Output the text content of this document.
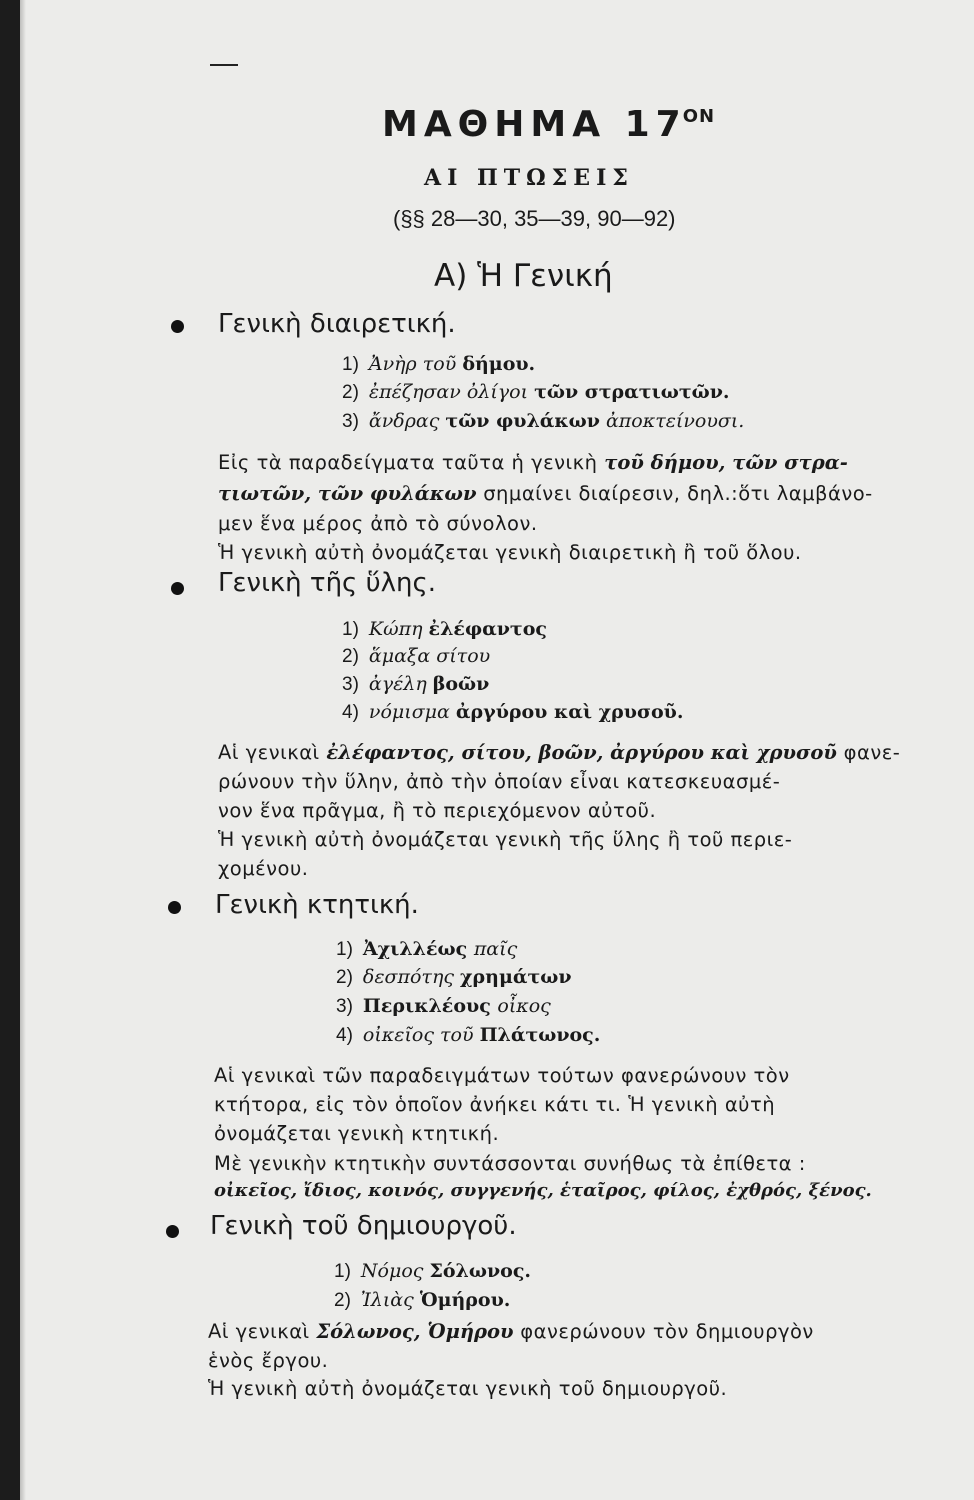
ΜΑΘΗΜΑ $17^{ON}$
ΑΙ ΠΤΩΣΕΙΣ
(§§ 28—30, 35—39, 90—92)
Α) Ἡ Γενική
Γενικὴ διαιρετική.
1) Ἀνὴρ τοῦ δήμου.
2) ἐπέζησαν ὀλίγοι τῶν στρατιωτῶν.
3) ἄνδρας τῶν φυλάκων ἀποκτείνουσι.
Εἰς τὰ παραδείγματα ταῦτα ἡ γενικὴ τοῦ δήμου, τῶν στρα-
τιωτῶν, τῶν φυλάκων σημαίνει διαίρεσιν, δηλ.:ὅτι λαμβάνο-
μεν ἕνα μέρος ἀπὸ τὸ σύνολον.
Ἡ γενικὴ αὐτὴ ὀνομάζεται γενικὴ διαιρετικὴ ἢ τοῦ ὅλου.
Γενικὴ τῆς ὕλης.
1) Κώπη ἐλέφαντος
2) ἅμαξα σίτου
3) ἀγέλη βοῶν
4) νόμισμα ἀργύρου καὶ χρυσοῦ.
Αἱ γενικαὶ ἐλέφαντος, σίτου, βοῶν, ἀργύρου καὶ χρυσοῦ φανε-
ρώνουν τὴν ὕλην, ἀπὸ τὴν ὁποίαν εἶναι κατεσκευασμέ-
νον ἕνα πρᾶγμα, ἢ τὸ περιεχόμενον αὐτοῦ.
Ἡ γενικὴ αὐτὴ ὀνομάζεται γενικὴ τῆς ὕλης ἢ τοῦ περιε-
χομένου.
Γενικὴ κτητική.
1) Ἀχιλλέως παῖς
2) δεσπότης χρημάτων
3) Περικλέους οἶκος
4) οἰκεῖος τοῦ Πλάτωνος.
Αἱ γενικαὶ τῶν παραδειγμάτων τούτων φανερώνουν τὸν
κτήτορα, εἰς τὸν ὁποῖον ἀνήκει κάτι τι. Ἡ γενικὴ αὐτὴ
ὀνομάζεται γενικὴ κτητική.
Μὲ γενικὴν κτητικὴν συντάσσονται συνήθως τὰ ἐπίθετα :
οἰκεῖος, ἴδιος, κοινός, συγγενής, ἑταῖρος, φίλος, ἐχθρός, ξένος.
Γενικὴ τοῦ δημιουργοῦ.
1) Νόμος Σόλωνος.
2) Ἰλιὰς Ὁμήρου.
Αἱ γενικαὶ Σόλωνος, Ὁμήρου φανερώνουν τὸν δημιουργὸν
ἑνὸς ἔργου.
Ἡ γενικὴ αὐτὴ ὀνομάζεται γενικὴ τοῦ δημιουργοῦ.
